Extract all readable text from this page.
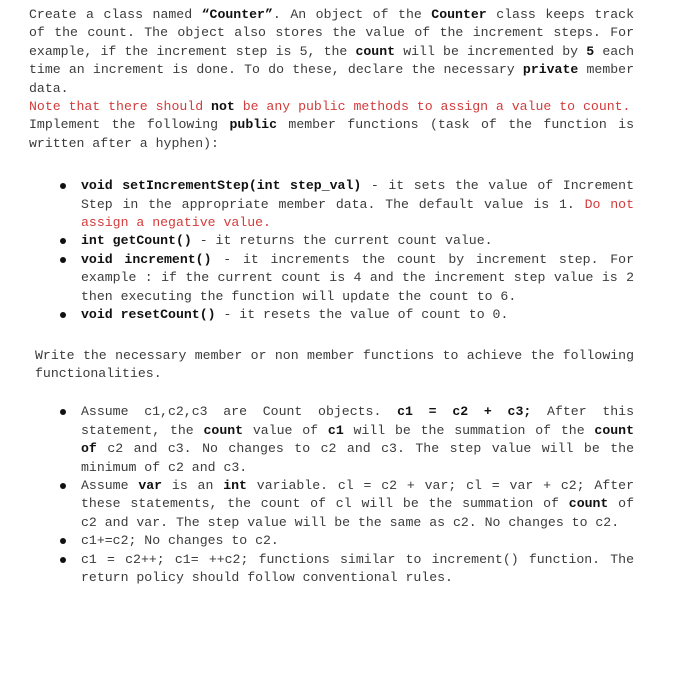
Create a class named “Counter”. An object of the Counter class keeps track of the count. The object also stores the value of the increment steps. For example, if the increment step is 5, the count will be incremented by 5 each time an increment is done. To do these, declare the necessary private member data.

Note that there should not be any public methods to assign a value to count.

Implement the following public member functions (task of the function is written after a hyphen):

void setIncrementStep(int step_val) - it sets the value of Increment Step in the appropriate member data. The default value is 1. Do not assign a negative value.
int getCount() - it returns the current count value.
void increment() - it increments the count by increment step. For example : if the current count is 4 and the increment step value is 2 then executing the function will update the count to 6.
void resetCount() - it resets the value of count to 0.

Write the necessary member or non member functions to achieve the following functionalities.

Assume c1,c2,c3 are Count objects. c1 = c2 + c3; After this statement, the count value of c1 will be the summation of the count of c2 and c3. No changes to c2 and c3. The step value will be the minimum of c2 and c3.
Assume var is an int variable. cl = c2 + var; cl = var + c2; After these statements, the count of cl will be the summation of count of c2 and var. The step value will be the same as c2. No changes to c2.
c1+=c2; No changes to c2.
c1 = c2++; c1= ++c2; functions similar to increment() function. The return policy should follow conventional rules.
